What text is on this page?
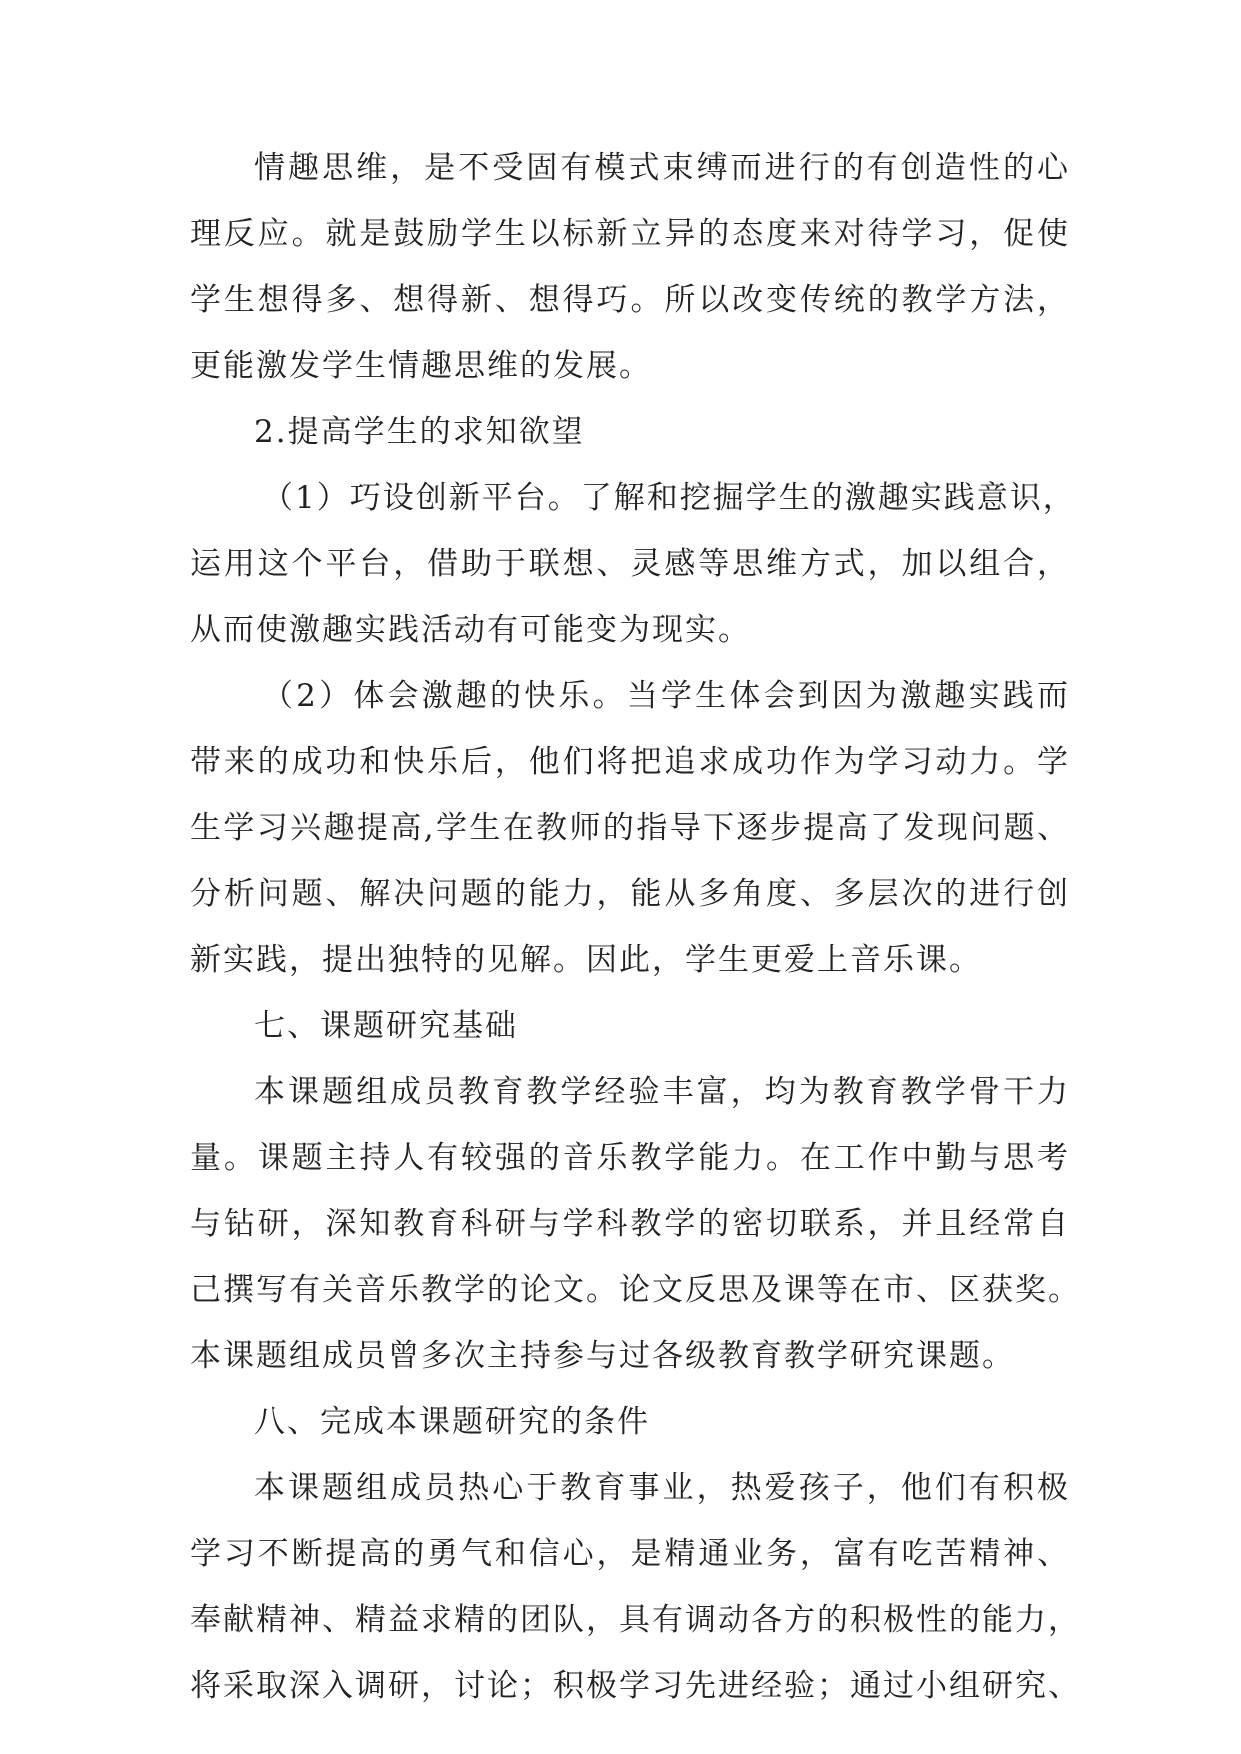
情趣思维，是不受固有模式束缚而进行的有创造性的心
理反应。就是鼓励学生以标新立异的态度来对待学习，促使
学生想得多、想得新、想得巧。所以改变传统的教学方法，
更能激发学生情趣思维的发展。
2.提高学生的求知欲望
（1）巧设创新平台。了解和挖掘学生的激趣实践意识，
运用这个平台，借助于联想、灵感等思维方式，加以组合，
从而使激趣实践活动有可能变为现实。
（2）体会激趣的快乐。当学生体会到因为激趣实践而
带来的成功和快乐后，他们将把追求成功作为学习动力。学
生学习兴趣提高,学生在教师的指导下逐步提高了发现问题、
分析问题、解决问题的能力，能从多角度、多层次的进行创
新实践，提出独特的见解。因此，学生更爱上音乐课。
七、课题研究基础
本课题组成员教育教学经验丰富，均为教育教学骨干力
量。课题主持人有较强的音乐教学能力。在工作中勤与思考
与钻研，深知教育科研与学科教学的密切联系，并且经常自
己撰写有关音乐教学的论文。论文反思及课等在市、区获奖。
本课题组成员曾多次主持参与过各级教育教学研究课题。
八、完成本课题研究的条件
本课题组成员热心于教育事业，热爱孩子，他们有积极
学习不断提高的勇气和信心，是精通业务，富有吃苦精神、
奉献精神、精益求精的团队，具有调动各方的积极性的能力，
将采取深入调研，讨论；积极学习先进经验；通过小组研究、
